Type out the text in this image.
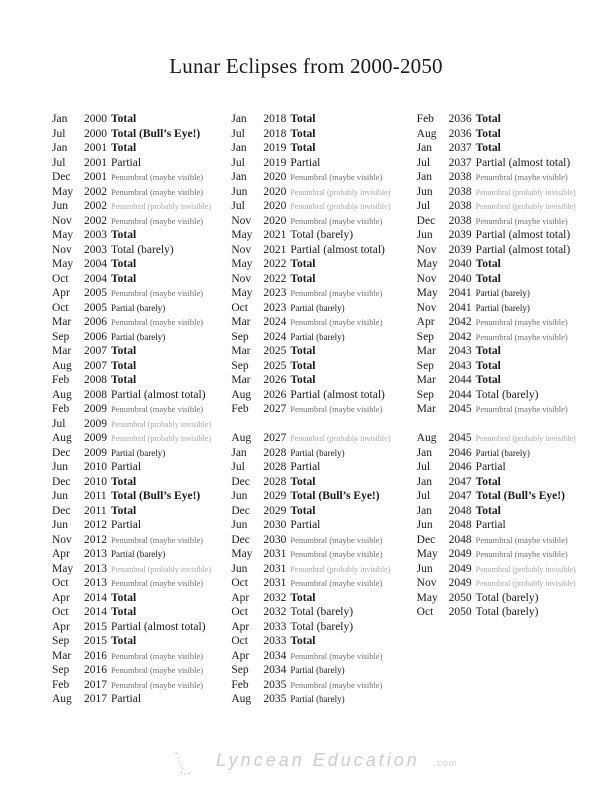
Lunar Eclipses from 2000-2050
Jan	2000 Total
Jul	2000 Total (Bull’s Eye!)
Jan	2001 Total
Jul	2001 Partial
Dec	2001 Penumbral (maybe visible)
May 2002 Penumbral (maybe visible)
Jun	2002 Penumbral (probably invisible)
Nov	2002 Penumbral (maybe visible)
May 2003 Total
Nov	2003 Total (barely)
May 2004 Total
Oct	2004 Total
Apr	2005 Penumbral (maybe visible)
Oct	2005 Partial (barely)
Mar	2006 Penumbral (maybe visible)
Sep	2006 Partial (barely)
Mar	2007 Total
Aug	2007 Total
Feb	2008 Total
Aug	2008 Partial (almost total)
Feb	2009 Penumbral (maybe visible)
Jul	2009 Penumbral (probably invisible)
Aug	2009 Penumbral (probably invisible)
Dec	2009 Partial (barely)
Jun	2010 Partial
Dec	2010 Total
Jun	2011 Total (Bull’s Eye!)
Dec	2011 Total
Jun	2012 Partial
Nov	2012 Penumbral (maybe visible)
Apr	2013 Partial (barely)
May 2013 Penumbral (probably invisible)
Oct	2013 Penumbral (maybe visible)
Apr	2014 Total
Oct	2014 Total
Apr	2015 Partial (almost total)
Sep	2015 Total
Mar	2016 Penumbral (maybe visible)
Sep	2016 Penumbral (maybe visible)
Feb	2017 Penumbral (maybe visible)
Aug	2017 Partial
Jan	2018 Total
Jul	2018 Total
Jan	2019 Total
Jul	2019 Partial
Jan	2020 Penumbral (maybe visible)
Jun	2020 Penumbral (probably invisible)
Jul	2020 Penumbral (probably invisible)
Nov	2020 Penumbral (maybe visible)
May 2021 Total (barely)
Nov	2021 Partial (almost total)
May 2022 Total
Nov	2022 Total
May 2023 Penumbral (maybe visible)
Oct	2023 Partial (barely)
Mar	2024 Penumbral (maybe visible)
Sep	2024 Partial (barely)
Mar	2025 Total
Sep	2025 Total
Mar	2026 Total
Aug	2026 Partial (almost total)
Feb	2027 Penumbral (maybe visible)
Aug	2027 Penumbral (probably invisible)
Jan	2028 Partial (barely)
Jul	2028 Partial
Dec	2028 Total
Jun	2029 Total (Bull’s Eye!)
Dec	2029 Total
Jun	2030 Partial
Dec	2030 Penumbral (maybe visible)
May 2031 Penumbral (maybe visible)
Jun	2031 Penumbral (probably invisible)
Oct	2031 Penumbral (maybe visible)
Apr	2032 Total
Oct	2032 Total (barely)
Apr	2033 Total (barely)
Oct	2033 Total
Apr	2034 Penumbral (maybe visible)
Sep	2034 Partial (barely)
Feb	2035 Penumbral (maybe visible)
Aug	2035 Partial (barely)
Feb	2036 Total
Aug	2036 Total
Jan	2037 Total
Jul	2037 Partial (almost total)
Jan	2038 Penumbral (maybe visible)
Jun	2038 Penumbral (probably invisible)
Jul	2038 Penumbral (probably invisible)
Dec	2038 Penumbral (maybe visible)
Jun	2039 Partial (almost total)
Nov	2039 Partial (almost total)
May 2040 Total
Nov	2040 Total
May 2041 Partial (barely)
Nov	2041 Partial (barely)
Apr	2042 Penumbral (maybe visible)
Sep	2042 Penumbral (maybe visible)
Mar	2043 Total
Sep	2043 Total
Mar	2044 Total
Sep	2044 Total (barely)
Mar	2045 Penumbral (maybe visible)
Aug	2045 Penumbral (probably invisible)
Jan	2046 Partial (barely)
Jul	2046 Partial
Jan	2047 Total
Jul	2047 Total (Bull’s Eye!)
Jan	2048 Total
Jun	2048 Partial
Dec	2048 Penumbral (maybe visible)
May 2049 Penumbral (maybe visible)
Jun	2049 Penumbral (probably invisible)
Nov	2049 Penumbral (probably invisible)
May 2050 Total (barely)
Oct	2050 Total (barely)
Lyncean Education .com
